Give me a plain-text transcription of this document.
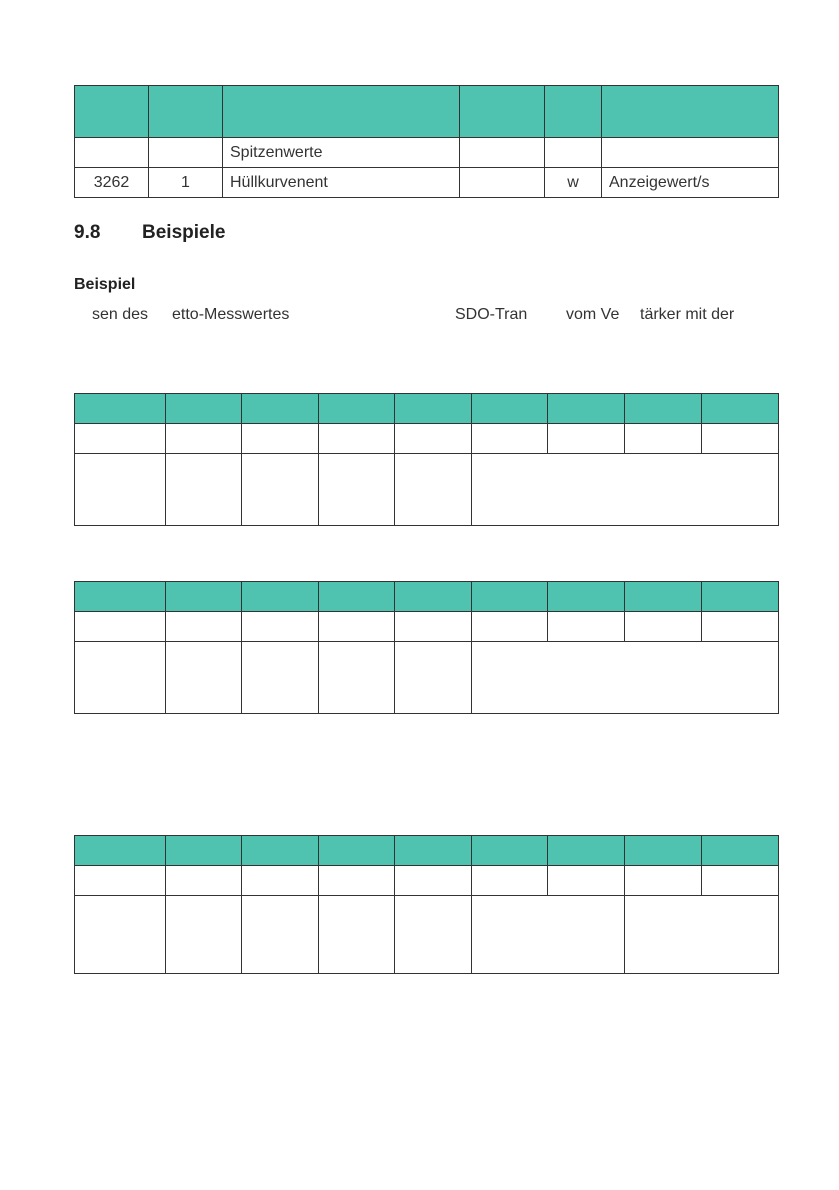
		Spitzenwerte			
3262	1	Hüllkurvenent		w	Anzeigewert/s
9.8 Beispiele
Beispiel
sen des etto-Messwertes	SDO-Tran vom Ve tärker mit der
